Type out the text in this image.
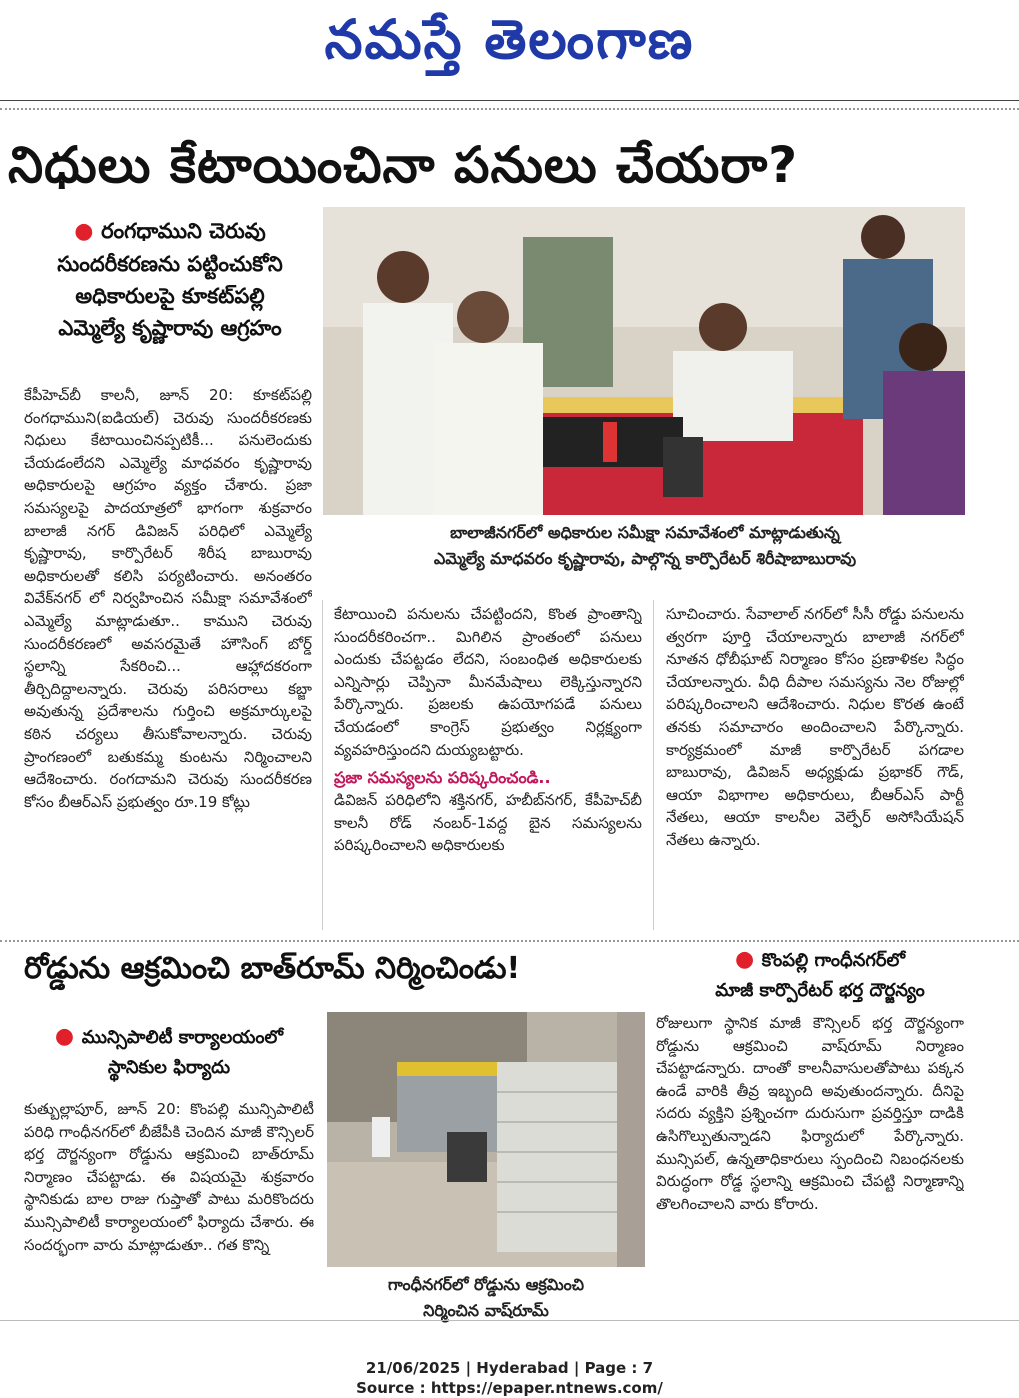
నమస్తే తెలంగాణ
నిధులు కేటాయించినా పనులు చేయరా?
● రంగధాముని చెరువు
సుందరీకరణను పట్టించుకోని
అధికారులపై కూకట్‌పల్లి
ఎమ్మెల్యే కృష్ణారావు ఆగ్రహం
బాలాజీనగర్‌లో అధికారుల సమీక్షా సమావేశంలో మాట్లాడుతున్న
ఎమ్మెల్యే మాధవరం కృష్ణారావు, పాల్గొన్న కార్పొరేటర్ శిరీషాబాబురావు

కేపీహెచ్‌బీ కాలనీ, జూన్ 20: కూకట్‌పల్లి రంగధాముని(ఐడియల్) చెరువు సుందరీకరణకు నిధులు కేటాయించినప్పటికీ... పనులెందుకు చేయడంలేదని ఎమ్మెల్యే మాధవరం కృష్ణారావు అధికారులపై ఆగ్రహం వ్యక్తం చేశారు. ప్రజా సమస్యలపై పాదయాత్రలో భాగంగా శుక్రవారం బాలాజీ నగర్ డివిజన్ పరిధిలో ఎమ్మెల్యే కృష్ణారావు, కార్పొరేటర్ శిరీష బాబురావు అధికారులతో కలిసి పర్యటించారు. అనంతరం వివేక్‌నగర్ లో నిర్వహించిన సమీక్షా సమావేశంలో ఎమ్మెల్యే మాట్లాడుతూ.. కాముని చెరువు సుందరీకరణలో అవసరమైతే హౌసింగ్ బోర్డ్ స్థలాన్ని సేకరించి... ఆహ్లాదకరంగా తీర్చిదిద్దాలన్నారు. చెరువు పరిసరాలు కబ్జా అవుతున్న ప్రదేశాలను గుర్తించి అక్రమార్కులపై కఠిన చర్యలు తీసుకోవాలన్నారు. చెరువు ప్రాంగణంలో బతుకమ్మ కుంటను నిర్మించాలని ఆదేశించారు. రంగదామని చెరువు సుందరీకరణ కోసం బీఆర్ఎస్ ప్రభుత్వం రూ.19 కోట్లు

కేటాయించి పనులను చేపట్టిందని, కొంత ప్రాంతాన్ని సుందరీకరించగా.. మిగిలిన ప్రాంతంలో పనులు ఎందుకు చేపట్టడం లేదని, సంబంధిత అధికారులకు ఎన్నిసార్లు చెప్పినా మీనమేషాలు లెక్కిస్తున్నారని పేర్కొన్నారు. ప్రజలకు ఉపయోగపడే పనులు చేయడంలో కాంగ్రెస్ ప్రభుత్వం నిర్లక్ష్యంగా వ్యవహరిస్తుందని దుయ్యబట్టారు.

ప్రజా సమస్యలను పరిష్కరించండి..

డివిజన్ పరిధిలోని శక్తినగర్, హబీబ్‌నగర్, కేపీహెచ్‌బీ కాలనీ రోడ్ నంబర్-1వద్ద బైన సమస్యలను పరిష్కరించాలని అధికారులకు

సూచించారు. సేవాలాల్ నగర్‌లో సీసీ రోడ్డు పనులను త్వరగా పూర్తి చేయాలన్నారు బాలాజీ నగర్‌లో నూతన ధోబీఘాట్ నిర్మాణం కోసం ప్రణాళికల సిద్ధం చేయాలన్నారు. వీధి దీపాల సమస్యను నెల రోజుల్లో పరిష్కరించాలని ఆదేశించారు. నిధుల కొరత ఉంటే తనకు సమాచారం అందించాలని పేర్కొన్నారు. కార్యక్రమంలో మాజీ కార్పొరేటర్ పగడాల బాబురావు, డివిజన్ అధ్యక్షుడు ప్రభాకర్ గౌడ్, ఆయా విభాగాల అధికారులు, బీఆర్ఎస్ పార్టీ నేతలు, ఆయా కాలనీల వెల్ఫేర్ అసోసియేషన్ నేతలు ఉన్నారు.

రోడ్డును ఆక్రమించి బాత్‌రూమ్ నిర్మించిండు!	● కొంపల్లి గాంధీనగర్‌లో
మాజీ కార్పొరేటర్ భర్త దౌర్జన్యం
● మున్సిపాలిటీ కార్యాలయంలో
స్థానికుల ఫిర్యాదు
గాంధీనగర్‌లో రోడ్డును ఆక్రమించి
నిర్మించిన వాష్‌రూమ్

కుత్బుల్లాపూర్, జూన్ 20: కొంపల్లి మున్సిపాలిటీ పరిధి గాంధీనగర్‌లో బీజేపీకి చెందిన మాజీ కౌన్సిలర్ భర్త దౌర్జన్యంగా రోడ్డును ఆక్రమించి బాత్‌రూమ్ నిర్మాణం చేపట్టాడు. ఈ విషయమై శుక్రవారం స్థానికుడు బాల రాజు గుప్తాతో పాటు మరికొందరు మున్సిపాలిటీ కార్యాలయంలో ఫిర్యాదు చేశారు. ఈ సందర్భంగా వారు మాట్లాడుతూ.. గత కొన్ని

రోజులుగా స్థానిక మాజీ కౌన్సిలర్ భర్త దౌర్జన్యంగా రోడ్డును ఆక్రమించి వాష్‌రూమ్ నిర్మాణం చేపట్టాడన్నారు. దాంతో కాలనీవాసులతోపాటు పక్కన ఉండే వారికి తీవ్ర ఇబ్బంది అవుతుందన్నారు. దీనిపై సదరు వ్యక్తిని ప్రశ్నించగా దురుసుగా ప్రవర్తిస్తూ దాడికి ఉసిగొల్పుతున్నాడని ఫిర్యాదులో పేర్కొన్నారు. మున్సిపల్, ఉన్నతాధికారులు స్పందించి నిబంధనలకు విరుద్ధంగా రోడ్డ స్థలాన్ని ఆక్రమించి చేపట్టి నిర్మాణాన్ని తొలగించాలని వారు కోరారు.

21/06/2025 | Hyderabad | Page : 7
Source : https://epaper.ntnews.com/
